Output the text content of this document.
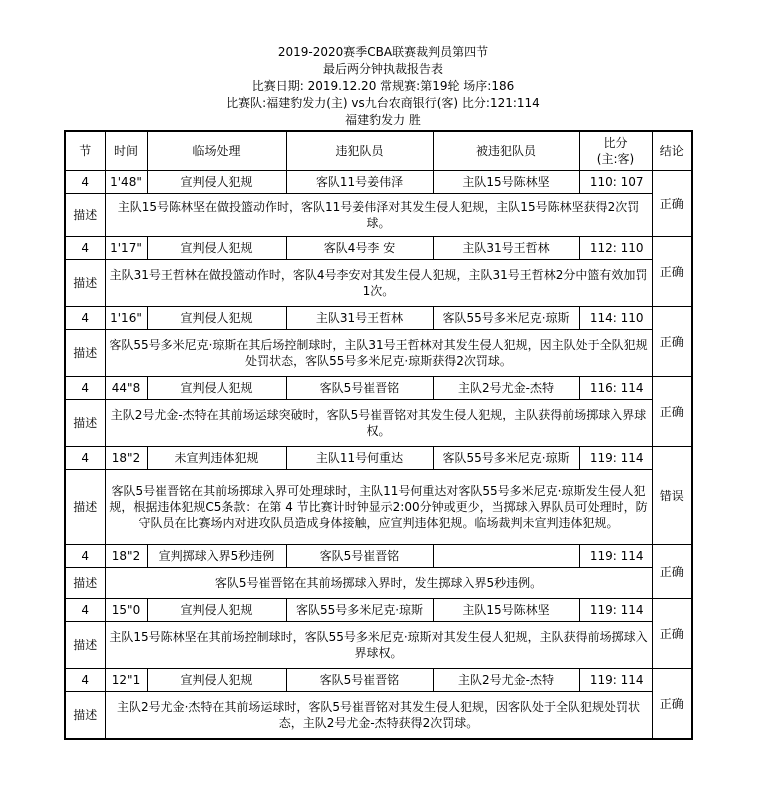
2019-2020赛季CBA联赛裁判员第四节
最后两分钟执裁报告表
比赛日期: 2019.12.20 常规赛:第19轮 场序:186
比赛队:福建豹发力(主) vs九台农商银行(客) 比分:121:114
福建豹发力 胜
节	时间	临场处理	违犯队员	被违犯队员	比分
(主:客)	结论
4	1'48"	宣判侵人犯规	客队11号姜伟泽	主队15号陈林坚	110: 107	正确
描述	主队15号陈林坚在做投篮动作时，客队11号姜伟泽对其发生侵人犯规，主队15号陈林坚获得2次罚球。					
4	1'17"	宣判侵人犯规	客队4号李 安	主队31号王哲林	112: 110	正确
描述	主队31号王哲林在做投篮动作时，客队4号李安对其发生侵人犯规，主队31号王哲林2分中篮有效加罚1次。					
4	1'16"	宣判侵人犯规	主队31号王哲林	客队55号多米尼克·琼斯	114: 110	正确
描述	客队55号多米尼克·琼斯在其后场控制球时，主队31号王哲林对其发生侵人犯规，因主队处于全队犯规处罚状态，客队55号多米尼克·琼斯获得2次罚球。					
4	44"8	宣判侵人犯规	客队5号崔晋铭	主队2号尤金-杰特	116: 114	正确
描述	主队2号尤金-杰特在其前场运球突破时，客队5号崔晋铭对其发生侵人犯规，主队获得前场掷球入界球权。					
4	18"2	未宣判违体犯规	主队11号何重达	客队55号多米尼克·琼斯	119: 114	错误
描述	客队5号崔晋铭在其前场掷球入界可处理球时，主队11号何重达对客队55号多米尼克·琼斯发生侵人犯规，根据违体犯规C5条款：在第 4 节比赛计时钟显示2:00分钟或更少，当掷球入界队员可处理时，防守队员在比赛场内对进攻队员造成身体接触，应宣判违体犯规。临场裁判未宣判违体犯规。					
4	18"2	宣判掷球入界5秒违例	客队5号崔晋铭		119: 114	正确
描述	客队5号崔晋铭在其前场掷球入界时，发生掷球入界5秒违例。					
4	15"0	宣判侵人犯规	客队55号多米尼克·琼斯	主队15号陈林坚	119: 114	正确
描述	主队15号陈林坚在其前场控制球时，客队55号多米尼克·琼斯对其发生侵人犯规，主队获得前场掷球入界球权。					
4	12"1	宣判侵人犯规	客队5号崔晋铭	主队2号尤金-杰特	119: 114	正确
描述	主队2号尤金·杰特在其前场运球时，客队5号崔晋铭对其发生侵人犯规，因客队处于全队犯规处罚状态，主队2号尤金-杰特获得2次罚球。					
